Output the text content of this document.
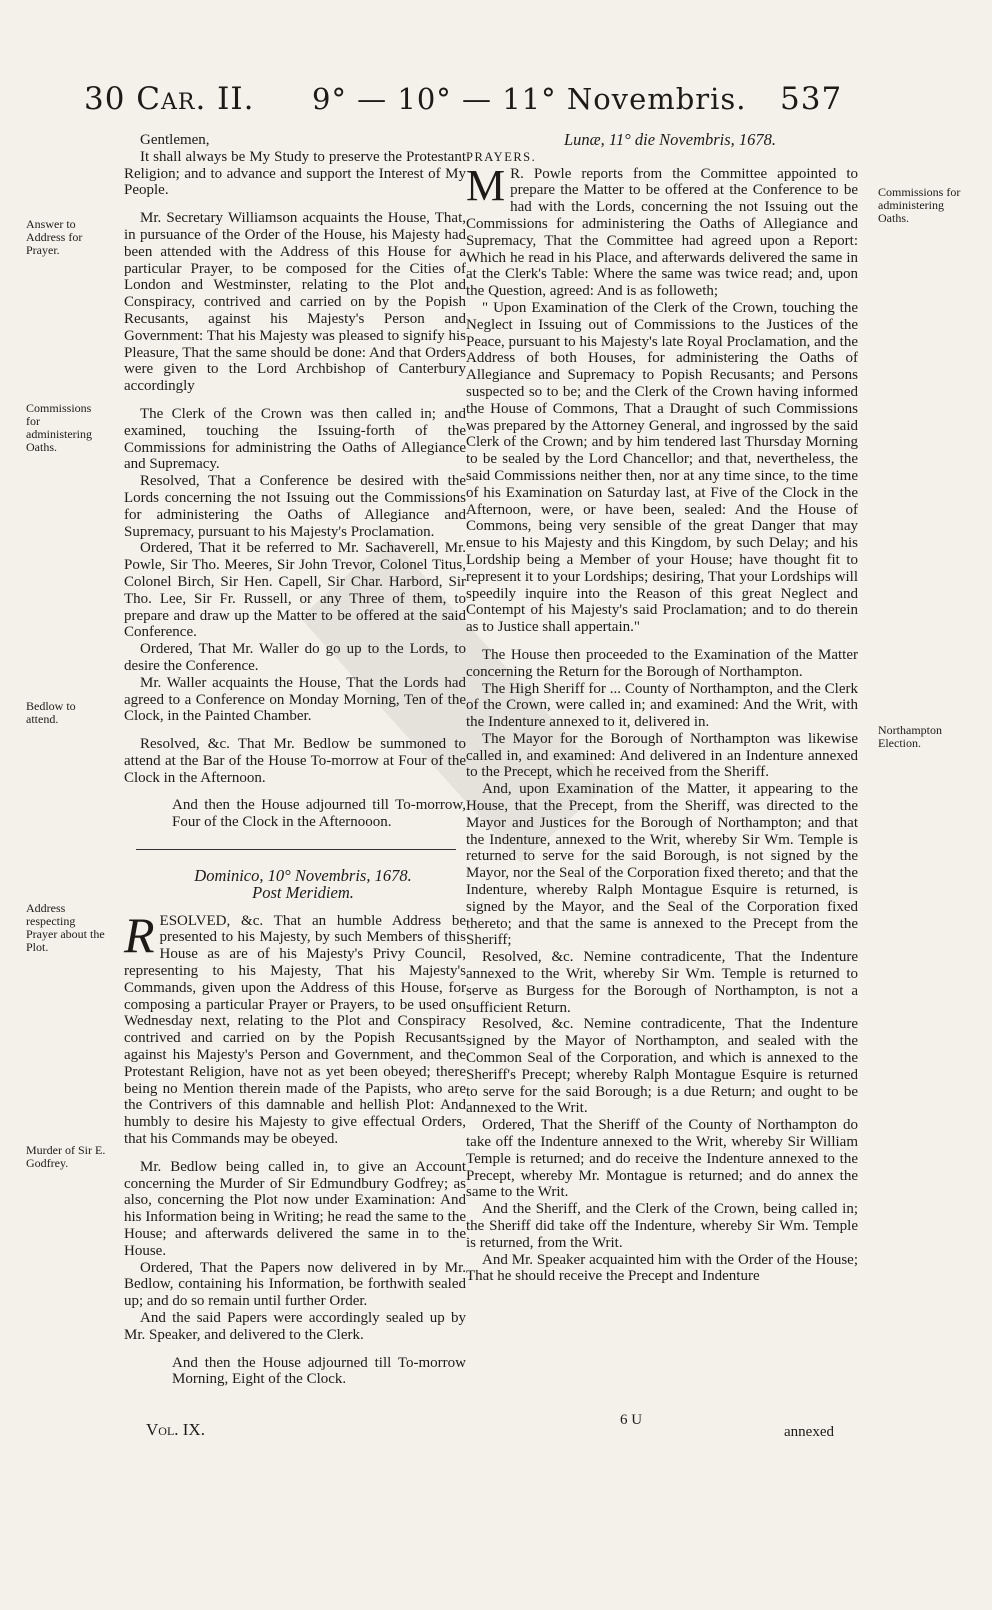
30 Car. II. 9° — 10° — 11° Novembris. 537
Answer to Address for Prayer.
Commissions for administering Oaths.
Bedlow to attend.
Address respecting Prayer about the Plot.
Murder of Sir E. Godfrey.
Commissions for administering Oaths.
Northampton Election.

Gentlemen,

It shall always be My Study to preserve the Protestant Religion; and to advance and support the Interest of My People.

Mr. Secretary Williamson acquaints the House, That, in pursuance of the Order of the House, his Majesty had been attended with the Address of this House for a particular Prayer, to be composed for the Cities of London and Westminster, relating to the Plot and Conspiracy, contrived and carried on by the Popish Recusants, against his Majesty's Person and Government: That his Majesty was pleased to signify his Pleasure, That the same should be done: And that Orders were given to the Lord Archbishop of Canterbury accordingly

The Clerk of the Crown was then called in; and examined, touching the Issuing-forth of the Commissions for administring the Oaths of Allegiance and Supremacy.

Resolved, That a Conference be desired with the Lords concerning the not Issuing out the Commissions for administering the Oaths of Allegiance and Supremacy, pursuant to his Majesty's Proclamation.

Ordered, That it be referred to Mr. Sachaverell, Mr. Powle, Sir Tho. Meeres, Sir John Trevor, Colonel Titus, Colonel Birch, Sir Hen. Capell, Sir Char. Harbord, Sir Tho. Lee, Sir Fr. Russell, or any Three of them, to prepare and draw up the Matter to be offered at the said Conference.

Ordered, That Mr. Waller do go up to the Lords, to desire the Conference.

Mr. Waller acquaints the House, That the Lords had agreed to a Conference on Monday Morning, Ten of the Clock, in the Painted Chamber.

Resolved, &c. That Mr. Bedlow be summoned to attend at the Bar of the House To-morrow at Four of the Clock in the Afternoon.

And then the House adjourned till To-morrow, Four of the Clock in the Afternooon.

Dominico, 10° Novembris, 1678.

Post Meridiem.

RESOLVED, &c. That an humble Address be presented to his Majesty, by such Members of this House as are of his Majesty's Privy Council, representing to his Majesty, That his Majesty's Commands, given upon the Address of this House, for composing a particular Prayer or Prayers, to be used on Wednesday next, relating to the Plot and Conspiracy contrived and carried on by the Popish Recusants against his Majesty's Person and Government, and the Protestant Religion, have not as yet been obeyed; there being no Mention therein made of the Papists, who are the Contrivers of this damnable and hellish Plot: And humbly to desire his Majesty to give effectual Orders, that his Commands may be obeyed.

Mr. Bedlow being called in, to give an Account concerning the Murder of Sir Edmundbury Godfrey; as also, concerning the Plot now under Examination: And his Information being in Writing; he read the same to the House; and afterwards delivered the same in to the House.

Ordered, That the Papers now delivered in by Mr. Bedlow, containing his Information, be forthwith sealed up; and do so remain until further Order.

And the said Papers were accordingly sealed up by Mr. Speaker, and delivered to the Clerk.

And then the House adjourned till To-morrow Morning, Eight of the Clock.

Lunæ, 11° die Novembris, 1678.

PRAYERS.

M R. Powle reports from the Committee appointed to prepare the Matter to be offered at the Conference to be had with the Lords, concerning the not Issuing out the Commissions for administering the Oaths of Allegiance and Supremacy, That the Committee had agreed upon a Report: Which he read in his Place, and afterwards delivered the same in at the Clerk's Table: Where the same was twice read; and, upon the Question, agreed: And is as followeth;

" Upon Examination of the Clerk of the Crown, touching the Neglect in Issuing out of Commissions to the Justices of the Peace, pursuant to his Majesty's late Royal Proclamation, and the Address of both Houses, for administering the Oaths of Allegiance and Supremacy to Popish Recusants; and Persons suspected so to be; and the Clerk of the Crown having informed the House of Commons, That a Draught of such Commissions was prepared by the Attorney General, and ingrossed by the said Clerk of the Crown; and by him tendered last Thursday Morning to be sealed by the Lord Chancellor; and that, nevertheless, the said Commissions neither then, nor at any time since, to the time of his Examination on Saturday last, at Five of the Clock in the Afternoon, were, or have been, sealed: And the House of Commons, being very sensible of the great Danger that may ensue to his Majesty and this Kingdom, by such Delay; and his Lordship being a Member of your House; have thought fit to represent it to your Lordships; desiring, That your Lordships will speedily inquire into the Reason of this great Neglect and Contempt of his Majesty's said Proclamation; and to do therein as to Justice shall appertain."

The House then proceeded to the Examination of the Matter concerning the Return for the Borough of Northampton.

The High Sheriff for ... County of Northampton, and the Clerk of the Crown, were called in; and examined: And the Writ, with the Indenture annexed to it, delivered in.

The Mayor for the Borough of Northampton was likewise called in, and examined: And delivered in an Indenture annexed to the Precept, which he received from the Sheriff.

And, upon Examination of the Matter, it appearing to the House, that the Precept, from the Sheriff, was directed to the Mayor and Justices for the Borough of Northampton; and that the Indenture, annexed to the Writ, whereby Sir Wm. Temple is returned to serve for the said Borough, is not signed by the Mayor, nor the Seal of the Corporation fixed thereto; and that the Indenture, whereby Ralph Montague Esquire is returned, is signed by the Mayor, and the Seal of the Corporation fixed thereto; and that the same is annexed to the Precept from the Sheriff;

Resolved, &c. Nemine contradicente, That the Indenture annexed to the Writ, whereby Sir Wm. Temple is returned to serve as Burgess for the Borough of Northampton, is not a sufficient Return.

Resolved, &c. Nemine contradicente, That the Indenture signed by the Mayor of Northampton, and sealed with the Common Seal of the Corporation, and which is annexed to the Sheriff's Precept; whereby Ralph Montague Esquire is returned to serve for the said Borough; is a due Return; and ought to be annexed to the Writ.

Ordered, That the Sheriff of the County of Northampton do take off the Indenture annexed to the Writ, whereby Sir William Temple is returned; and do receive the Indenture annexed to the Precept, whereby Mr. Montague is returned; and do annex the same to the Writ.

And the Sheriff, and the Clerk of the Crown, being called in; the Sheriff did take off the Indenture, whereby Sir Wm. Temple is returned, from the Writ.

And Mr. Speaker acquainted him with the Order of the House; That he should receive the Precept and Indenture

Vol. IX.	6 U
annexed
